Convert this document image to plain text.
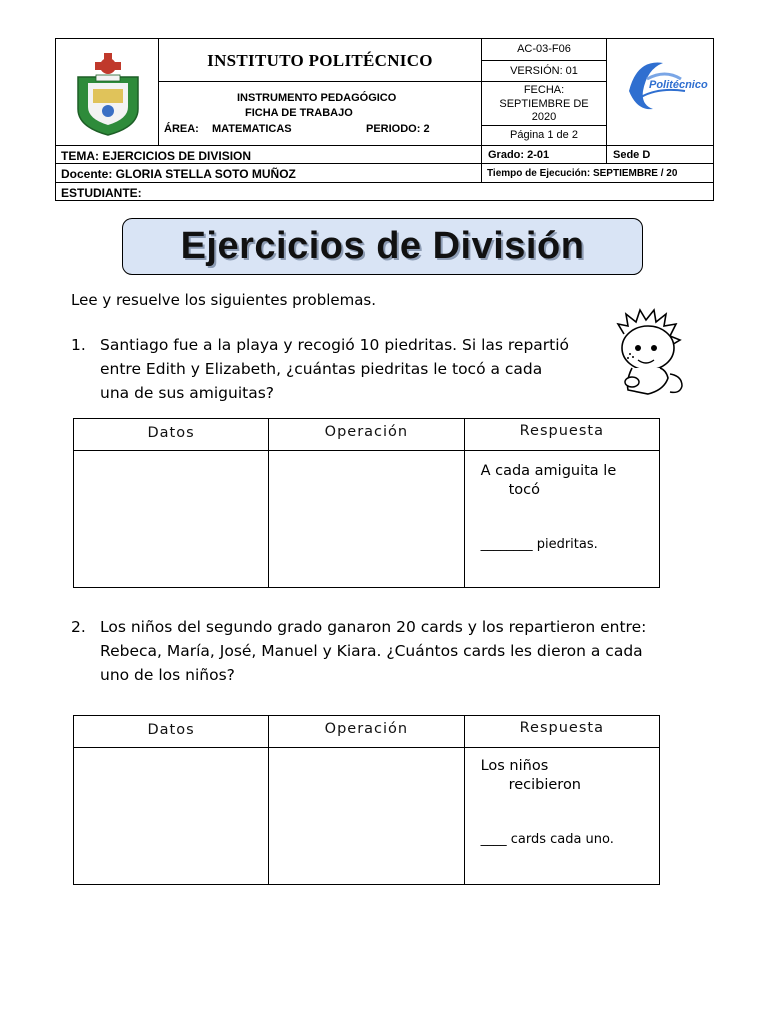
INSTITUTO POLITÉCNICO
INSTRUMENTO PEDAGÓGICO
FICHA DE TRABAJO
ÁREA: MATEMATICAS	PERIODO: 2
AC-03-F06
VERSIÓN: 01
FECHA:
SEPTIEMBRE DE
2020
Página 1 de 2
Politécnico
TEMA: EJERCICIOS DE DIVISION	Grado: 2-01	Sede D
Docente: GLORIA STELLA SOTO MUÑOZ	Tiempo de Ejecución: SEPTIEMBRE / 20
ESTUDIANTE:
Ejercicios de División
Lee y resuelve los siguientes problemas.
1. Santiago fue a la playa y recogió 10 piedritas. Si las repartió
entre Edith y Elizabeth, ¿cuántas piedritas le tocó a cada
una de sus amiguitas?
Datos	Operación	Respuesta

		A cada amiguita le
tocó
________ piedritas.
2. Los niños del segundo grado ganaron 20 cards y los repartieron entre:
Rebeca, María, José, Manuel y Kiara. ¿Cuántos cards les dieron a cada
uno de los niños?
Datos	Operación	Respuesta

		Los niños
recibieron
____ cards cada uno.
